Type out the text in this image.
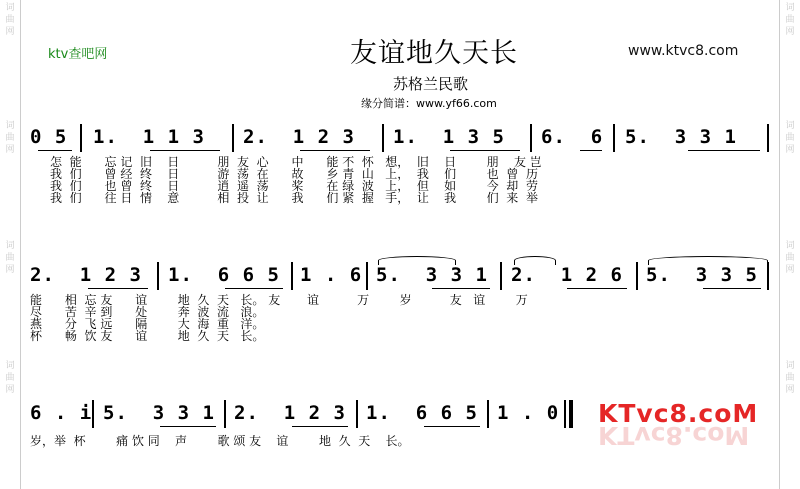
词
曲
网
词
曲
网
词
曲
网
词
曲
网
词
曲
网
词
曲
网
词
曲
网
词
曲
网
ktv查吧网	www.ktvc8.com
友谊地久天长
苏格兰民歌
缘分简谱：www.yf66.com
0 5 1.  1 1 3 2.  1 2 3 1.  1 3 5 6.  6 5.  3 3 1
怎  能      忘 记  旧    日          朋  友  心      中      能 不  怀   想，  旧    日        朋    友 岂
我  们      曾 经  终    日          游  荡  在      故      乡 青  山   上，  我    们        也  曾  历
我  们      也 曾  终    日          逍  遥  荡      桨      在 绿  波   上，  但    如        今  却  劳
我  们      往 日  情    意          相  投  让      我      们 紧  握   手，  让    我        们  来  举
2.  1 2 3 1.  6 6 5 1 . 6 5.  3 3 1 2.  1 2 6 5.  3 3 5
能      相  忘 友      谊        地  久  天   长。 友       谊          万        岁          友   谊        万
尽      苦  辛 到      处        奔  波  流   浪。
燕      分  飞 远      隔        大  海  重   洋。
杯      畅  饮 友      谊        地  久  天   长。
6 . i 5.  3 3 1 2.  1 2 3 1.  6 6 5 1 . 0
岁，举  杯        痛 饮 同    声        歌 颂 友    谊        地  久  天    长。
KTvc8.coM
KTvc8.coM
